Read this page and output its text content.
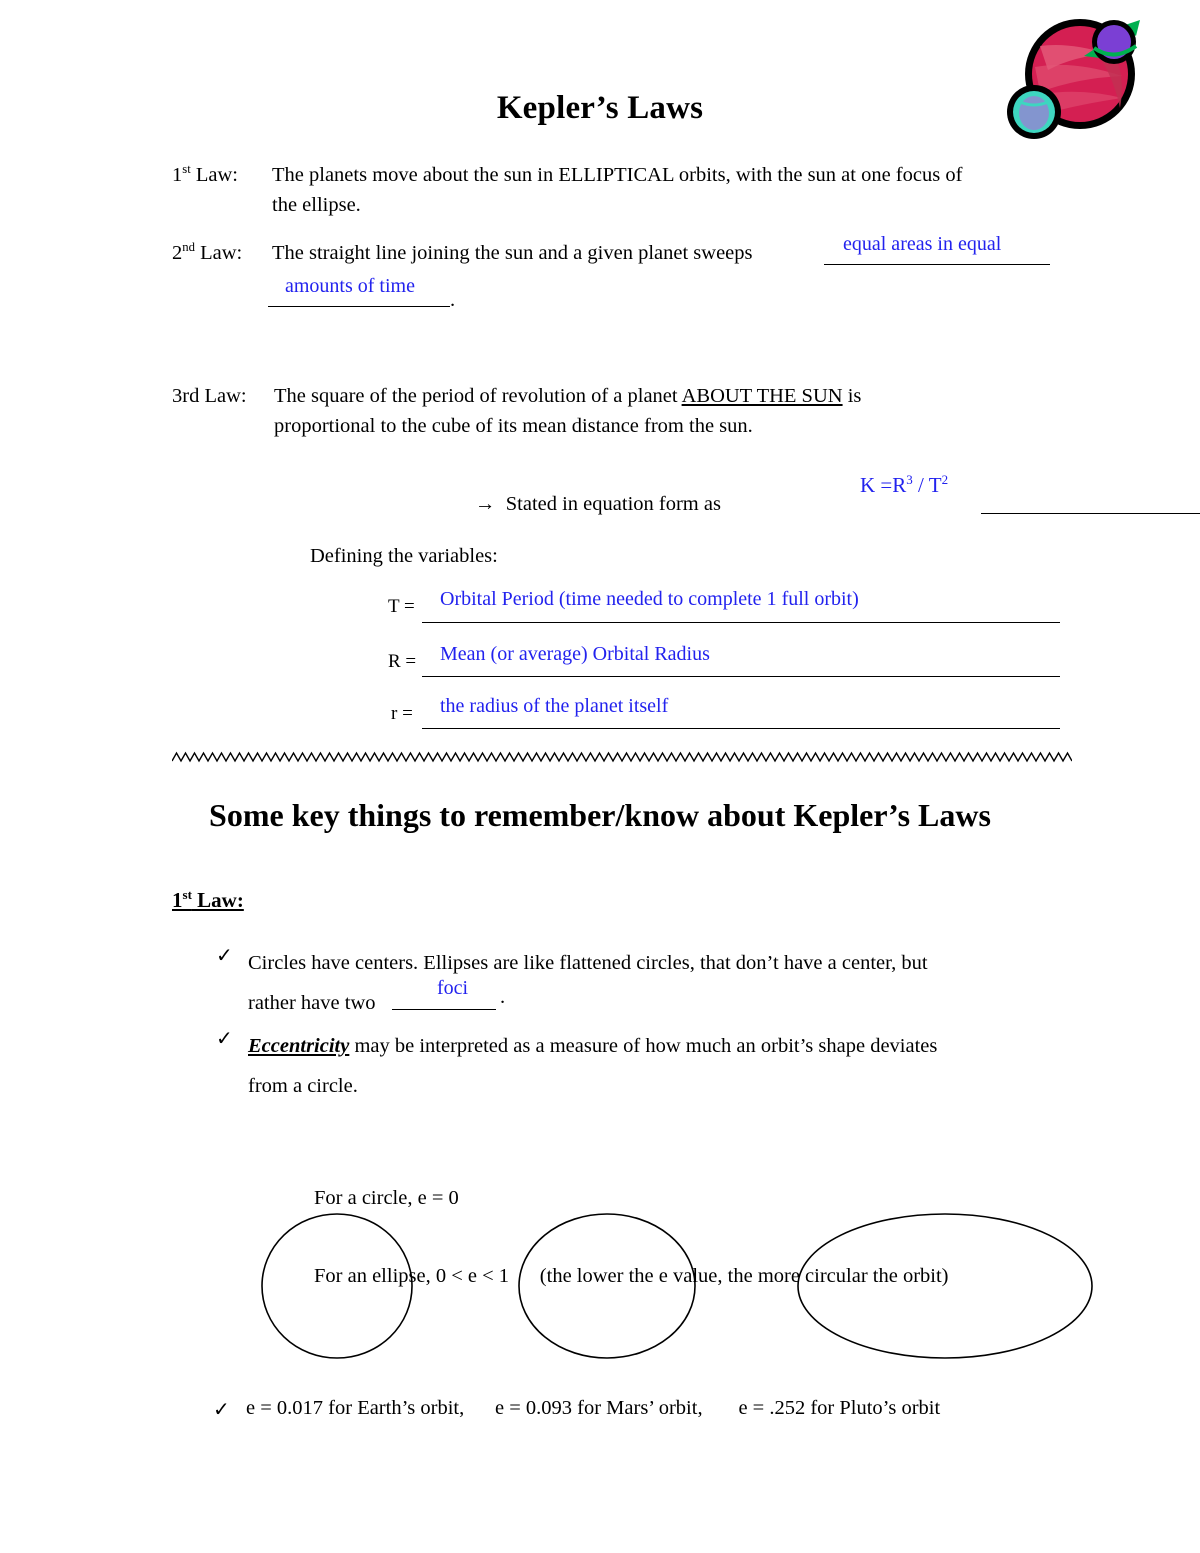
Kepler’s Laws
1st Law: The planets move about the sun in ELLIPTICAL orbits, with the sun at one focus of
the ellipse.
2nd Law: The straight line joining the sun and a given planet sweeps	equal areas in equal
amounts of time
.
3rd Law: The square of the period of revolution of a planet ABOUT THE SUN is
proportional to the cube of its mean distance from the sun.
→ Stated in equation form as
$K =R^3 / T^2$
Defining the variables:
T = Orbital Period (time needed to complete 1 full orbit)
R = Mean (or average) Orbital Radius
r = the radius of the planet itself
Some key things to remember/know about Kepler’s Laws
1st Law:
✓ Circles have centers. Ellipses are like flattened circles, that don’t have a center, but
rather have two
foci .
✓ Eccentricity may be interpreted as a measure of how much an orbit’s shape deviates
from a circle.

For a circle, e = 0

For an ellipse, 0 < e < 1      (the lower the e value, the more circular the orbit)

✓ e = 0.017 for Earth’s orbit,      e = 0.093 for Mars’ orbit,       e = .252 for Pluto’s orbit
